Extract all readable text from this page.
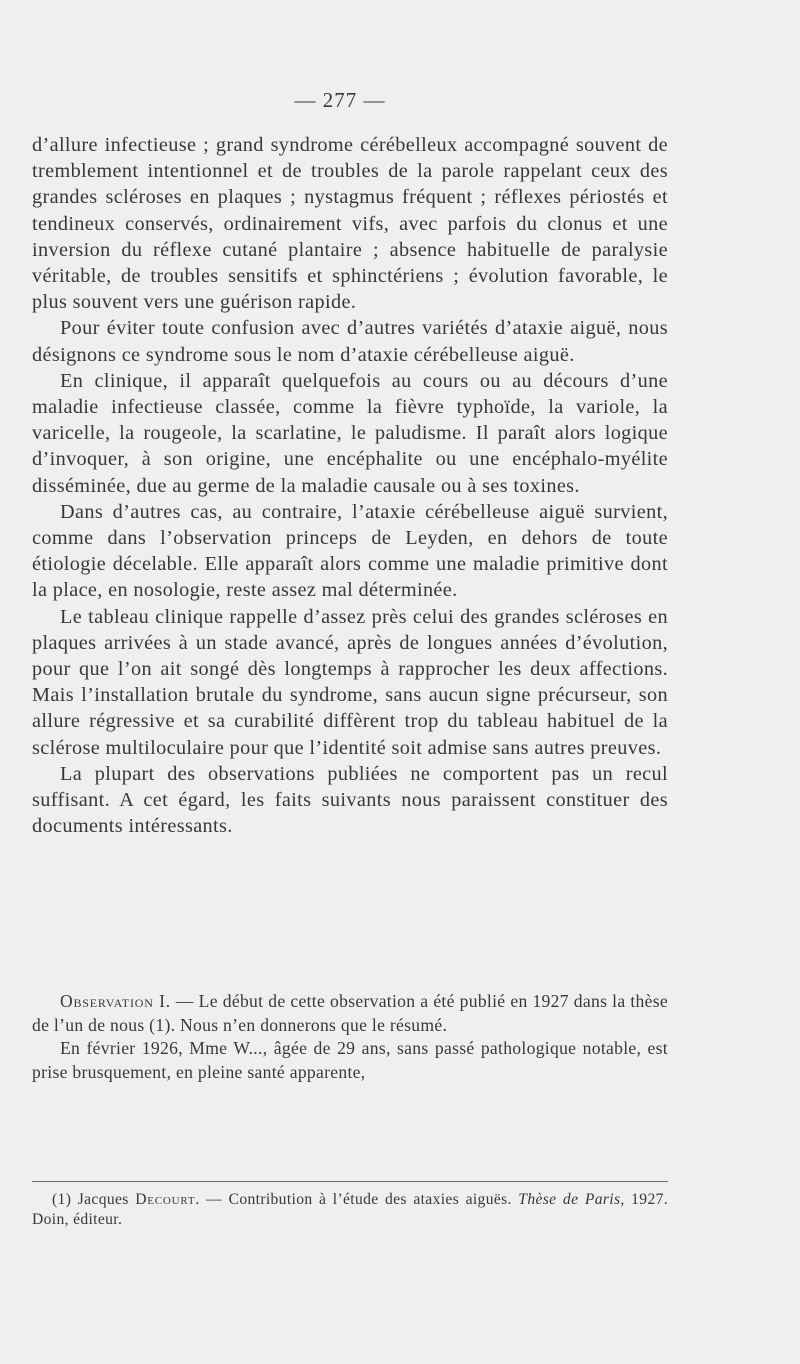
— 277 —

d’allure infectieuse ; grand syndrome cérébelleux accompagné souvent de tremblement intentionnel et de troubles de la parole rappelant ceux des grandes scléroses en plaques ; nystagmus fréquent ; réflexes périostés et tendineux conservés, ordinairement vifs, avec parfois du clonus et une inversion du réflexe cutané plantaire ; absence habituelle de paralysie véritable, de troubles sensitifs et sphinctériens ; évolution favorable, le plus souvent vers une guérison rapide.

Pour éviter toute confusion avec d’autres variétés d’ataxie aiguë, nous désignons ce syndrome sous le nom d’ataxie cérébelleuse aiguë.

En clinique, il apparaît quelquefois au cours ou au décours d’une maladie infectieuse classée, comme la fièvre typhoïde, la variole, la varicelle, la rougeole, la scarlatine, le paludisme. Il paraît alors logique d’invoquer, à son origine, une encéphalite ou une encéphalo-myélite disséminée, due au germe de la maladie causale ou à ses toxines.

Dans d’autres cas, au contraire, l’ataxie cérébelleuse aiguë survient, comme dans l’observation princeps de Leyden, en dehors de toute étiologie décelable. Elle apparaît alors comme une maladie primitive dont la place, en nosologie, reste assez mal déterminée.

Le tableau clinique rappelle d’assez près celui des grandes scléroses en plaques arrivées à un stade avancé, après de longues années d’évolution, pour que l’on ait songé dès longtemps à rapprocher les deux affections. Mais l’installation brutale du syndrome, sans aucun signe précurseur, son allure régressive et sa curabilité diffèrent trop du tableau habituel de la sclérose multiloculaire pour que l’identité soit admise sans autres preuves.

La plupart des observations publiées ne comportent pas un recul suffisant. A cet égard, les faits suivants nous paraissent constituer des documents intéressants.

Observation I. — Le début de cette observation a été publié en 1927 dans la thèse de l’un de nous (1). Nous n’en donnerons que le résumé.

En février 1926, Mme W..., âgée de 29 ans, sans passé pathologique notable, est prise brusquement, en pleine santé apparente,

(1) Jacques Decourt. — Contribution à l’étude des ataxies aiguës. Thèse de Paris, 1927. Doin, éditeur.
